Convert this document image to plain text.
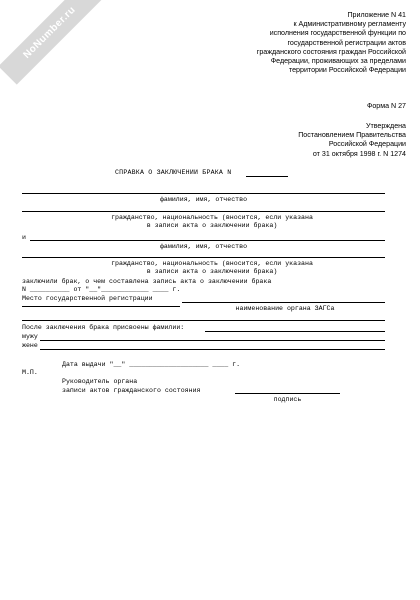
NoNumber.ru	Приложение N 41
к Административному регламенту
исполнения государственной функции по
государственной регистрации актов
гражданского состояния граждан Российской
Федерации, проживающих за пределами
территории Российской Федерации
Форма N 27
Утверждена
Постановлением Правительства
Российской Федерации
от 31 октября 1998 г. N 1274
СПРАВКА О ЗАКЛЮЧЕНИИ БРАКА N
фамилия, имя, отчество
гражданство, национальность (вносится, если указана
в записи акта о заключении брака)
и
фамилия, имя, отчество
гражданство, национальность (вносится, если указана
в записи акта о заключении брака)
заключили брак, о чем составлена запись акта о заключении брака
N __________ от "__"____________ ____ г.
Место государственной регистрации
наименование органа ЗАГСа
После заключения брака присвоены фамилии:
мужу
жене
Дата выдачи "__" ____________________ ____ г.
М.П.
Руководитель органа
записи актов гражданского состояния
подпись
